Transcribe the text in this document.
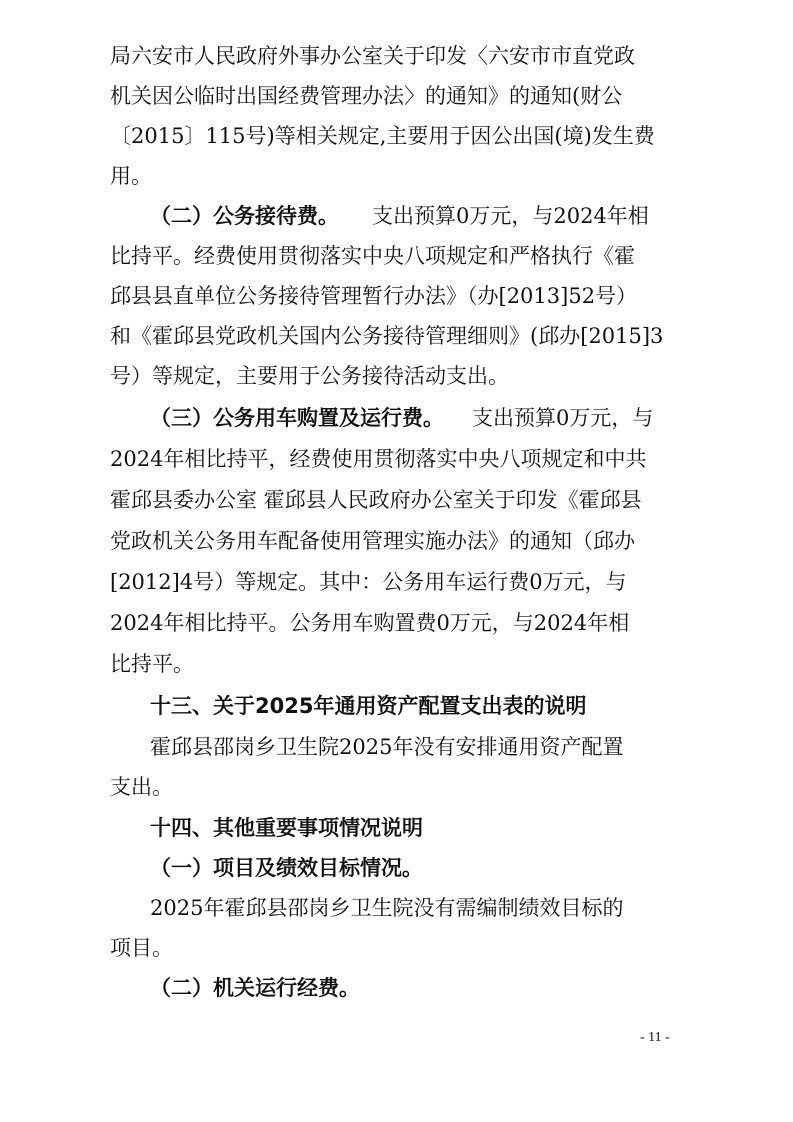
局六安市人民政府外事办公室关于印发〈六安市市直党政
机关因公临时出国经费管理办法〉的通知》的通知(财公
〔2015〕115号)等相关规定,主要用于因公出国(境)发生费
用。
（二）公务接待费。 支出预算0万元，与2024年相
比持平。经费使用贯彻落实中央八项规定和严格执行《霍
邱县县直单位公务接待管理暂行办法》（办[2013]52号）
和《霍邱县党政机关国内公务接待管理细则》(邱办[2015]3
号）等规定，主要用于公务接待活动支出。
（三）公务用车购置及运行费。 支出预算0万元，与
2024年相比持平，经费使用贯彻落实中央八项规定和中共
霍邱县委办公室 霍邱县人民政府办公室关于印发《霍邱县
党政机关公务用车配备使用管理实施办法》的通知（邱办
[2012]4号）等规定。其中：公务用车运行费0万元，与
2024年相比持平。公务用车购置费0万元，与2024年相
比持平。
十三、关于2025年通用资产配置支出表的说明
霍邱县邵岗乡卫生院2025年没有安排通用资产配置
支出。
十四、其他重要事项情况说明
（一）项目及绩效目标情况。
2025年霍邱县邵岗乡卫生院没有需编制绩效目标的
项目。
（二）机关运行经费。
- 11 -
